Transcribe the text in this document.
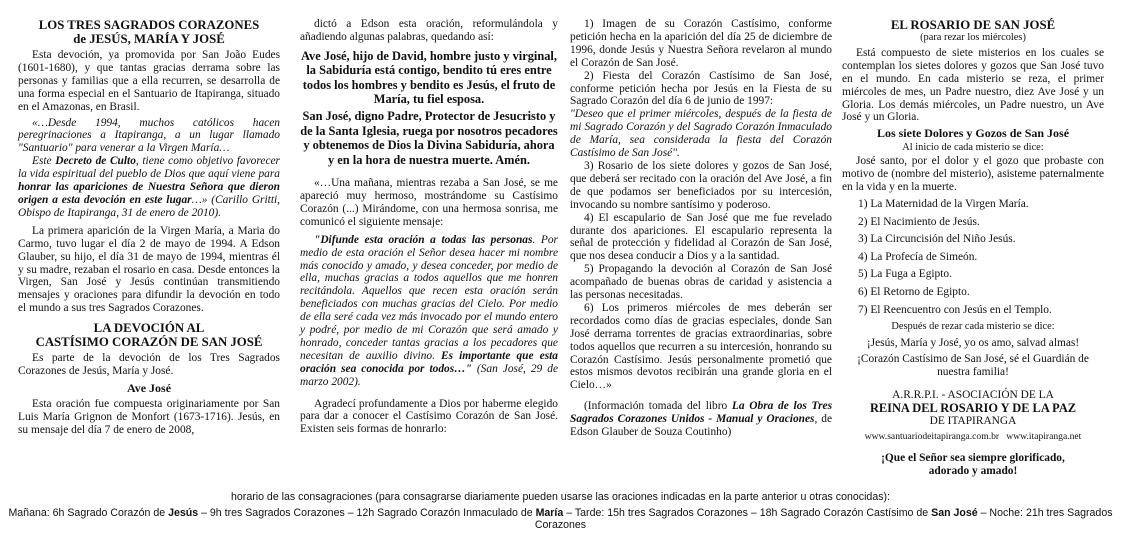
LOS TRES SAGRADOS CORAZONES
de JESÚS, MARÍA Y JOSÉ

Esta devoción, ya promovida por San João Eudes (1601-1680), y que tantas gracias derrama sobre las personas y familias que a ella recurren, se desarrolla de una forma especial en el Santuario de Itapiranga, situado en el Amazonas, en Brasil.

«…Desde 1994, muchos católicos hacen peregrinaciones a Itapiranga, a un lugar llamado "Santuario" para venerar a la Virgen María…

Este Decreto de Culto, tiene como objetivo favorecer la vida espiritual del pueblo de Dios que aquí viene para honrar las apariciones de Nuestra Señora que dieron origen a esta devoción en este lugar…» (Carillo Gritti, Obispo de Itapiranga, 31 de enero de 2010).

La primera aparición de la Virgen María, a Maria do Carmo, tuvo lugar el día 2 de mayo de 1994. A Edson Glauber, su hijo, el día 31 de mayo de 1994, mientras él y su madre, rezaban el rosario en casa. Desde entonces la Virgen, San José y Jesús continúan transmitiendo mensajes y oraciones para difundir la devoción en todo el mundo a sus tres Sagrados Corazones.

LA DEVOCIÓN AL
CASTÍSIMO CORAZÓN DE SAN JOSÉ

Es parte de la devoción de los Tres Sagrados Corazones de Jesús, María y José.

Ave José

Esta oración fue compuesta originariamente por San Luis María Grignon de Monfort (1673-1716). Jesús, en su mensaje del día 7 de enero de 2008,

dictó a Edson esta oración, reformulándola y añadiendo algunas palabras, quedando así:

Ave José, hijo de David, hombre justo y virginal, la Sabiduría está contigo, bendito tú eres entre todos los hombres y bendito es Jesús, el fruto de María, tu fiel esposa.
San José, digno Padre, Protector de Jesucristo y de la Santa Iglesia, ruega por nosotros pecadores y obtenemos de Dios la Divina Sabiduría, ahora y en la hora de nuestra muerte. Amén.

«…Una mañana, mientras rezaba a San José, se me apareció muy hermoso, mostrándome su Castísimo Corazón (...) Mirándome, con una hermosa sonrisa, me comunicó el siguiente mensaje:

"Difunde esta oración a todas las personas. Por medio de esta oración el Señor desea hacer mi nombre más conocido y amado, y desea conceder, por medio de ella, muchas gracias a todos aquellos que me honren recitándola. Aquellos que recen esta oración serán beneficiados con muchas gracias del Cielo. Por medio de ella seré cada vez más invocado por el mundo entero y podré, por medio de mi Corazón que será amado y honrado, conceder tantas gracias a los pecadores que necesitan de auxilio divino. Es importante que esta oración sea conocida por todos…" (San José, 29 de marzo 2002).

Agradecí profundamente a Dios por haberme elegido para dar a conocer el Castísimo Corazón de San José. Existen seis formas de honrarlo:

1) Imagen de su Corazón Castísimo, conforme petición hecha en la aparición del día 25 de diciembre de 1996, donde Jesús y Nuestra Señora revelaron al mundo el Corazón de San José.

2) Fiesta del Corazón Castísimo de San José, conforme petición hecha por Jesús en la Fiesta de su Sagrado Corazón del día 6 de junio de 1997:

"Deseo que el primer miércoles, después de la fiesta de mi Sagrado Corazón y del Sagrado Corazón Inmaculado de María, sea considerada la fiesta del Corazón Castísimo de San José".

3) Rosario de los siete dolores y gozos de San José, que deberá ser recitado con la oración del Ave José, a fin de que podamos ser beneficiados por su intercesión, invocando su nombre santísimo y poderoso.

4) El escapulario de San José que me fue revelado durante dos apariciones. El escapulario representa la señal de protección y fidelidad al Corazón de San José, que nos desea conducir a Dios y a la santidad.

5) Propagando la devoción al Corazón de San José acompañado de buenas obras de caridad y asistencia a las personas necesitadas.

6) Los primeros miércoles de mes deberán ser recordados como días de gracias especiales, donde San José derrama torrentes de gracias extraordinarias, sobre todos aquellos que recurren a su intercesión, honrando su Corazón Castísimo. Jesús personalmente prometió que estos mismos devotos recibirán una grande gloria en el Cielo…»

(Información tomada del libro La Obra de los Tres Sagrados Corazones Unidos - Manual y Oraciones, de Edson Glauber de Souza Coutinho)

EL ROSARIO DE SAN JOSÉ
(para rezar los miércoles)

Está compuesto de siete misterios en los cuales se contemplan los sietes dolores y gozos que San José tuvo en el mundo. En cada misterio se reza, el primer miércoles de mes, un Padre nuestro, diez Ave José y un Gloria. Los demás miércoles, un Padre nuestro, un Ave José y un Gloria.

Los siete Dolores y Gozos de San José
Al inicio de cada misterio se dice:

José santo, por el dolor y el gozo que probaste con motivo de (nombre del misterio), asisteme paternalmente en la vida y en la muerte.

1) La Maternidad de la Virgen María.
2) El Nacimiento de Jesús.
3) La Circuncisión del Niño Jesús.
4) La Profecía de Simeón.
5) La Fuga a Egipto.
6) El Retorno de Egipto.
7) El Reencuentro con Jesús en el Templo.
Después de rezar cada misterio se dice:
¡Jesús, María y José, yo os amo, salvad almas!
¡Corazón Castísimo de San José, sé el Guardián de nuestra familia!
A.R.R.P.I. - ASOCIACIÓN DE LA
REINA DEL ROSARIO Y DE LA PAZ
DE ITAPIRANGA
www.santuariodeitapiranga.com.br www.itapiranga.net
¡Que el Señor sea siempre glorificado,
adorado y amado!
horario de las consagraciones (para consagrarse diariamente pueden usarse las oraciones indicadas en la parte anterior u otras conocidas):
Mañana: 6h Sagrado Corazón de Jesús – 9h tres Sagrados Corazones – 12h Sagrado Corazón Inmaculado de María – Tarde: 15h tres Sagrados Corazones – 18h Sagrado Corazón Castísimo de San José – Noche: 21h tres Sagrados Corazones
